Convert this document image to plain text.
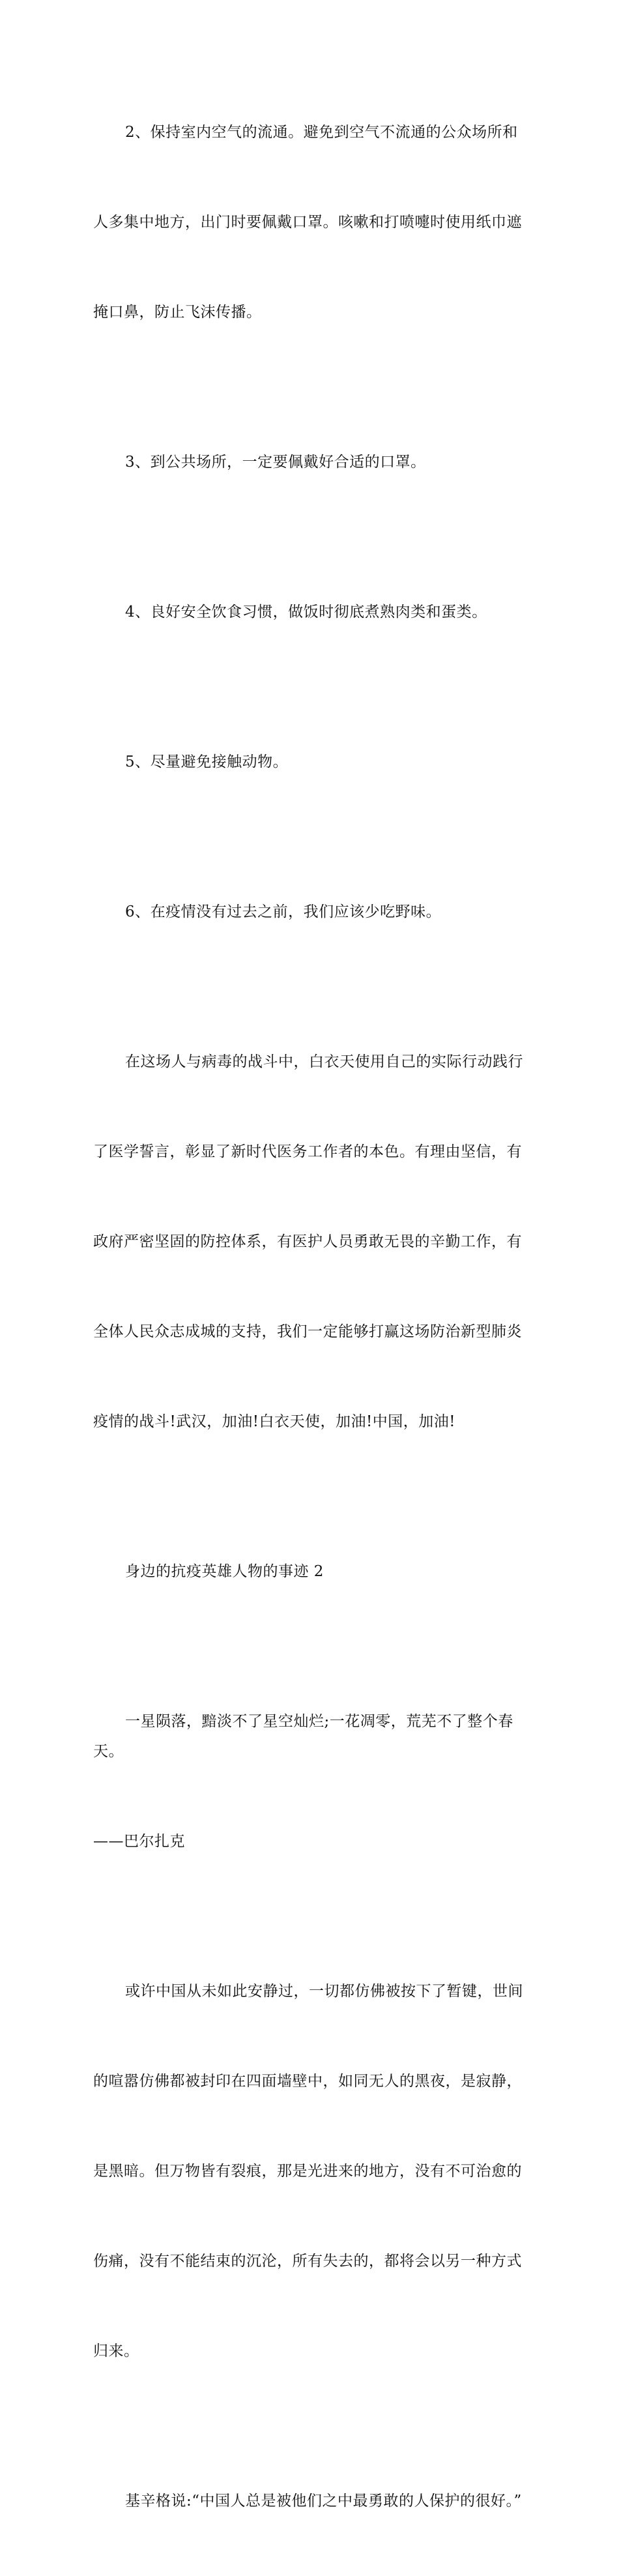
2、保持室内空气的流通。避免到空气不流通的公众场所和

人多集中地方，出门时要佩戴口罩。咳嗽和打喷嚏时使用纸巾遮

掩口鼻，防止飞沫传播。

3、到公共场所，一定要佩戴好合适的口罩。

4、良好安全饮食习惯，做饭时彻底煮熟肉类和蛋类。

5、尽量避免接触动物。

6、在疫情没有过去之前，我们应该少吃野味。

在这场人与病毒的战斗中，白衣天使用自己的实际行动践行

了医学誓言，彰显了新时代医务工作者的本色。有理由坚信，有

政府严密坚固的防控体系，有医护人员勇敢无畏的辛勤工作，有

全体人民众志成城的支持，我们一定能够打赢这场防治新型肺炎

疫情的战斗!武汉，加油!白衣天使，加油!中国，加油!

身边的抗疫英雄人物的事迹 2

一星陨落，黯淡不了星空灿烂;一花凋零，荒芜不了整个春天。

——巴尔扎克

或许中国从未如此安静过，一切都仿佛被按下了暂键，世间

的喧嚣仿佛都被封印在四面墙壁中，如同无人的黑夜，是寂静，

是黑暗。但万物皆有裂痕，那是光进来的地方，没有不可治愈的

伤痛，没有不能结束的沉沦，所有失去的，都将会以另一种方式

归来。

基辛格说:“中国人总是被他们之中最勇敢的人保护的很好。”
